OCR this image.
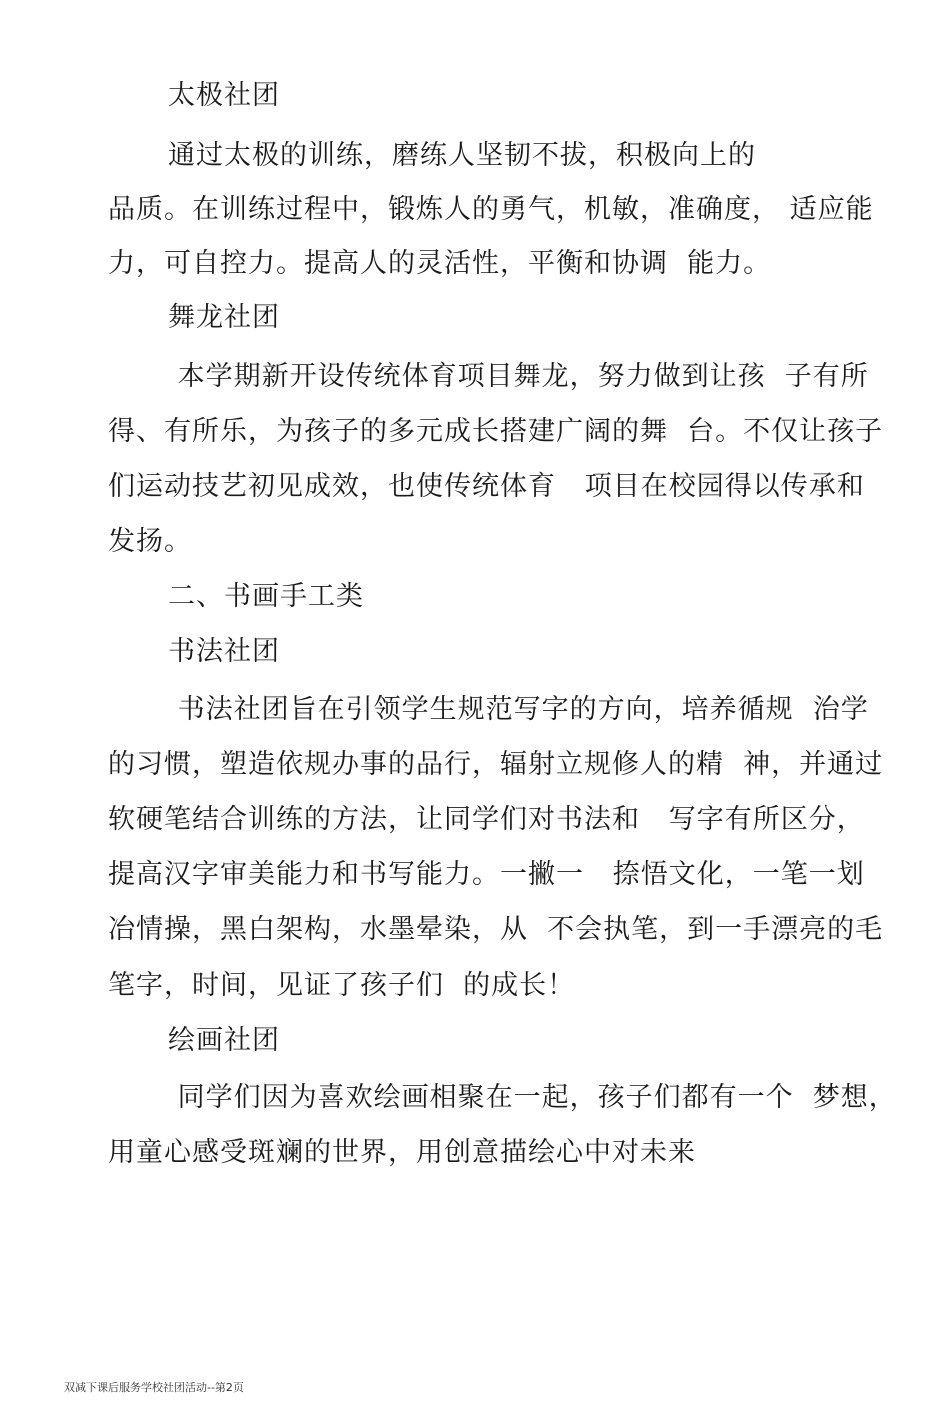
太极社团
通过太极的训练，磨练人坚韧不拔，积极向上的
品质。在训练过程中，锻炼人的勇气，机敏，准确度， 适应能
力，可自控力。提高人的灵活性，平衡和协调  能力。
舞龙社团
本学期新开设传统体育项目舞龙，努力做到让孩  子有所
得、有所乐，为孩子的多元成长搭建广阔的舞  台。不仅让孩子
们运动技艺初见成效，也使传统体育   项目在校园得以传承和
发扬。
二、书画手工类
书法社团
书法社团旨在引领学生规范写字的方向，培养循规  治学
的习惯，塑造依规办事的品行，辐射立规修人的精  神，并通过
软硬笔结合训练的方法，让同学们对书法和   写字有所区分，
提高汉字审美能力和书写能力。一撇一   捺悟文化，一笔一划
冶情操，黑白架构，水墨晕染，从  不会执笔，到一手漂亮的毛
笔字，时间，见证了孩子们  的成长！
绘画社团
同学们因为喜欢绘画相聚在一起，孩子们都有一个  梦想，
用童心感受斑斓的世界，用创意描绘心中对未来
双减下课后服务学校社团活动--第2页
